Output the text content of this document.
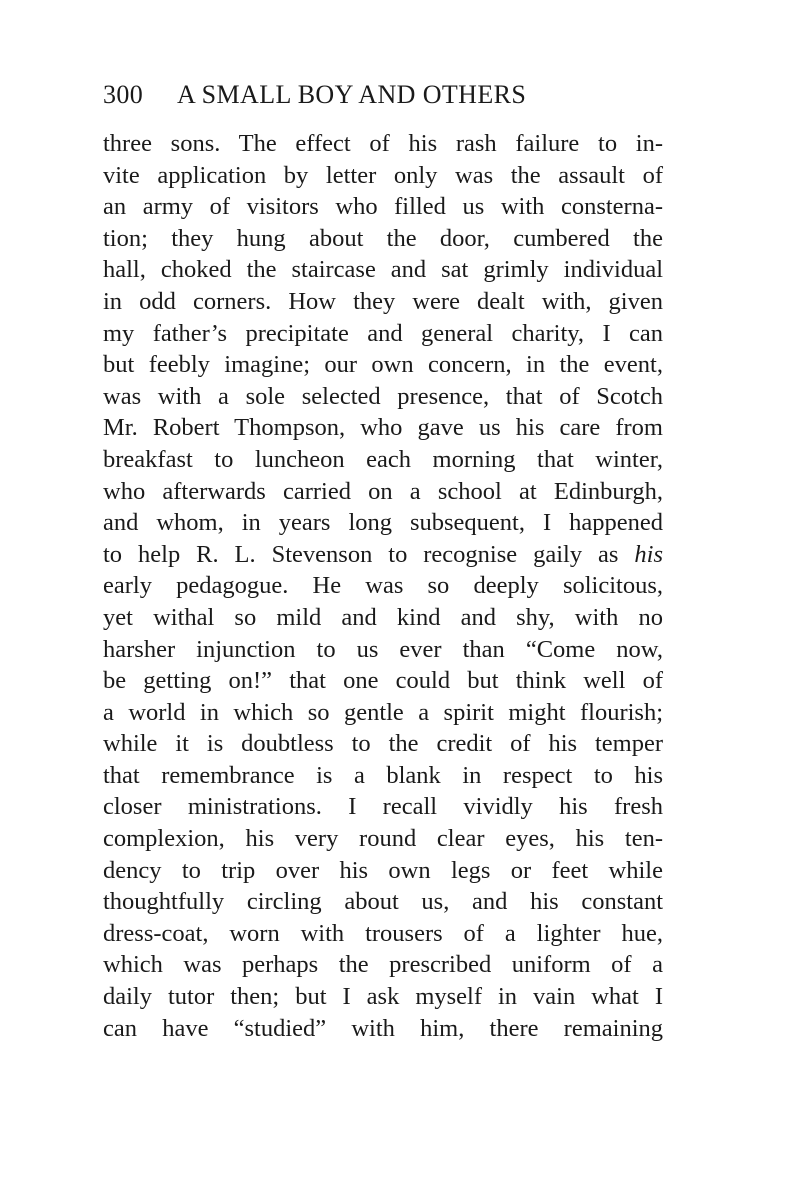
300 A SMALL BOY AND OTHERS
three sons. The effect of his rash failure to in-
vite application by letter only was the assault of
an army of visitors who filled us with consterna-
tion; they hung about the door, cumbered the
hall, choked the staircase and sat grimly individual
in odd corners. How they were dealt with, given
my father’s precipitate and general charity, I can
but feebly imagine; our own concern, in the event,
was with a sole selected presence, that of Scotch
Mr. Robert Thompson, who gave us his care from
breakfast to luncheon each morning that winter,
who afterwards carried on a school at Edinburgh,
and whom, in years long subsequent, I happened
to help R. L. Stevenson to recognise gaily as his
early pedagogue. He was so deeply solicitous,
yet withal so mild and kind and shy, with no
harsher injunction to us ever than “Come now,
be getting on!” that one could but think well of
a world in which so gentle a spirit might flourish;
while it is doubtless to the credit of his temper
that remembrance is a blank in respect to his
closer ministrations. I recall vividly his fresh
complexion, his very round clear eyes, his ten-
dency to trip over his own legs or feet while
thoughtfully circling about us, and his constant
dress-coat, worn with trousers of a lighter hue,
which was perhaps the prescribed uniform of a
daily tutor then; but I ask myself in vain what I
can have “studied” with him, there remaining
